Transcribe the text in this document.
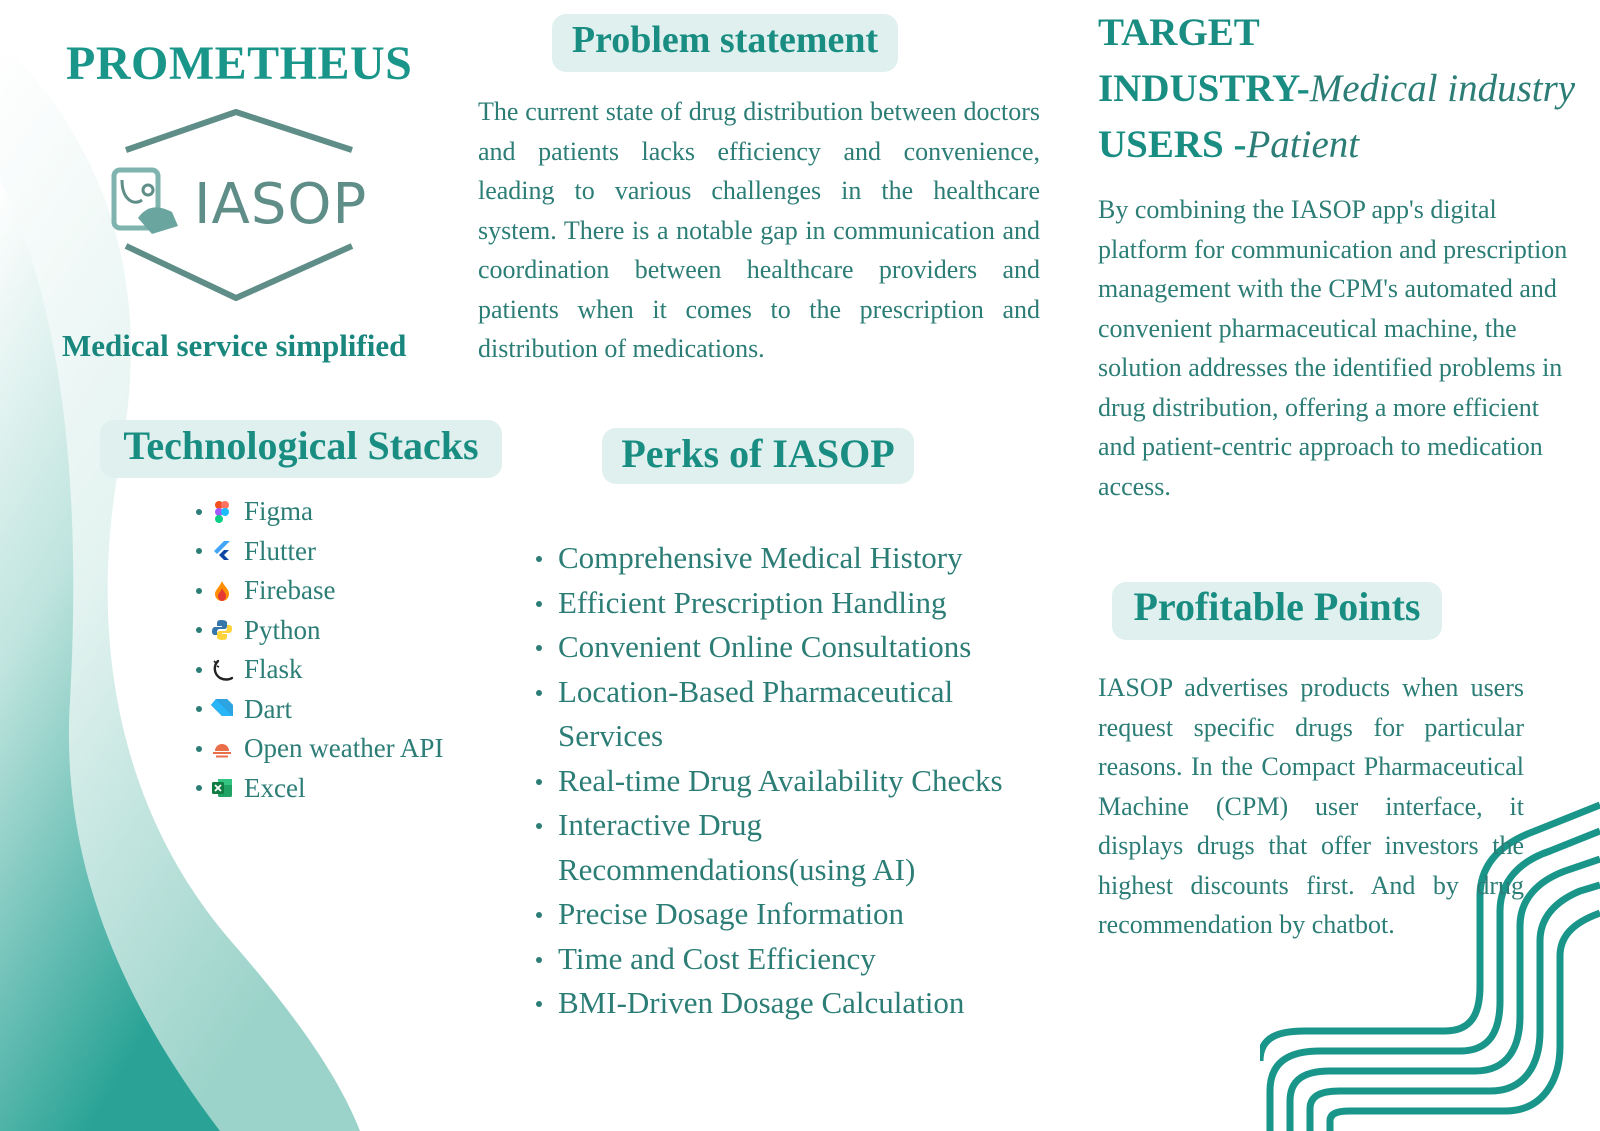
PROMETHEUS
IASOP
Medical service simplified
Problem statement
The current state of drug distribution between doctors and patients lacks efficiency and convenience, leading to various challenges in the healthcare system. There is a notable gap in communication and coordination between healthcare providers and patients when it comes to the prescription and distribution of medications.
TARGET
INDUSTRY-Medical industry
USERS -Patient
By combining the IASOP app's digital platform for communication and prescription management with the CPM's automated and convenient pharmaceutical machine, the solution addresses the identified problems in drug distribution, offering a more efficient and patient-centric approach to medication access.
Technological Stacks
Figma
Flutter
Firebase
Python
Flask
Dart
Open weather API
Excel
Perks of IASOP
Comprehensive Medical History
Efficient Prescription Handling
Convenient Online Consultations
Location-Based Pharmaceutical Services
Real-time Drug Availability Checks
Interactive Drug Recommendations(using AI)
Precise Dosage Information
Time and Cost Efficiency
BMI-Driven Dosage Calculation
Profitable Points
IASOP advertises products when users request specific drugs for particular reasons. In the Compact Pharmaceutical Machine (CPM) user interface, it displays drugs that offer investors the highest discounts first. And by drug recommendation by chatbot.
